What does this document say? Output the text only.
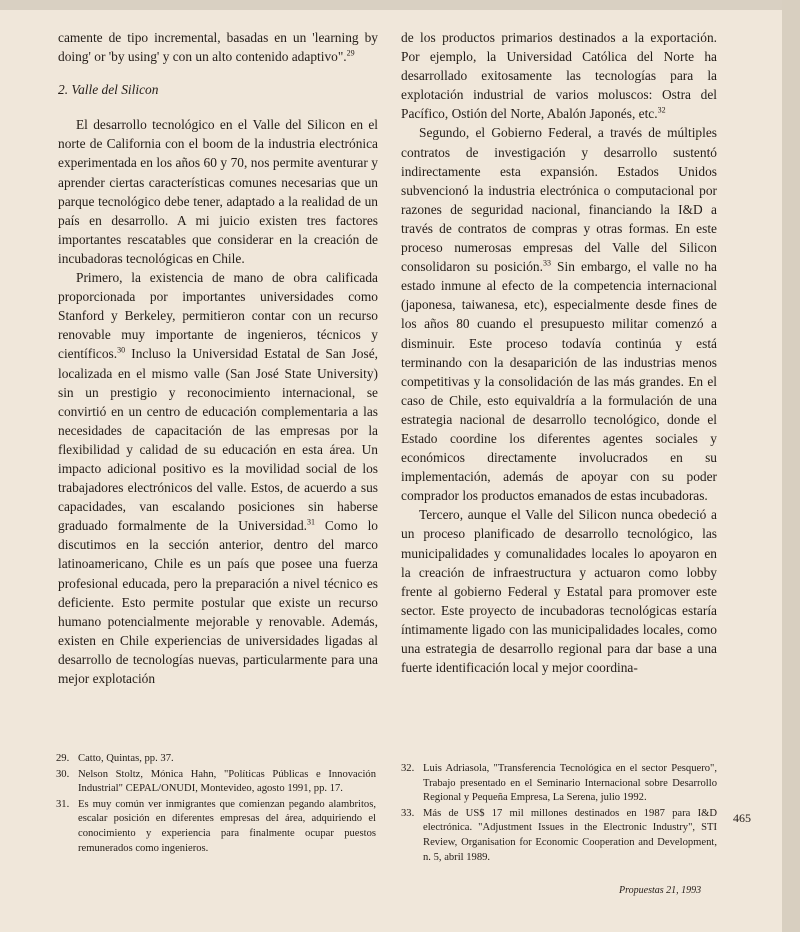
camente de tipo incremental, basadas en un 'learning by doing' or 'by using' y con un alto contenido adaptivo".$^{29}$

2. Valle del Silicon

El desarrollo tecnológico en el Valle del Silicon en el norte de California con el boom de la industria electrónica experimentada en los años 60 y 70, nos permite aventurar y aprender ciertas características comunes necesarias que un parque tecnológico debe tener, adaptado a la realidad de un país en desarrollo. A mi juicio existen tres factores importantes rescatables que considerar en la creación de incubadoras tecnológicas en Chile.

Primero, la existencia de mano de obra calificada proporcionada por importantes universidades como Stanford y Berkeley, permitieron contar con un recurso renovable muy importante de ingenieros, técnicos y científicos.$^{30}$ Incluso la Universidad Estatal de San José, localizada en el mismo valle (San José State University) sin un prestigio y reconocimiento internacional, se convirtió en un centro de educación complementaria a las necesidades de capacitación de las empresas por la flexibilidad y calidad de su educación en esta área. Un impacto adicional positivo es la movilidad social de los trabajadores electrónicos del valle. Estos, de acuerdo a sus capacidades, van escalando posiciones sin haberse graduado formalmente de la Universidad.$^{31}$ Como lo discutimos en la sección anterior, dentro del marco latinoamericano, Chile es un país que posee una fuerza profesional educada, pero la preparación a nivel técnico es deficiente. Esto permite postular que existe un recurso humano potencialmente mejorable y renovable. Además, existen en Chile experiencias de universidades ligadas al desarrollo de tecnologías nuevas, particularmente para una mejor explotación

de los productos primarios destinados a la exportación. Por ejemplo, la Universidad Católica del Norte ha desarrollado exitosamente las tecnologías para la explotación industrial de varios moluscos: Ostra del Pacífico, Ostión del Norte, Abalón Japonés, etc.$^{32}$

Segundo, el Gobierno Federal, a través de múltiples contratos de investigación y desarrollo sustentó indirectamente esta expansión. Estados Unidos subvencionó la industria electrónica o computacional por razones de seguridad nacional, financiando la I&D a través de contratos de compras y otras formas. En este proceso numerosas empresas del Valle del Silicon consolidaron su posición.$^{33}$ Sin embargo, el valle no ha estado inmune al efecto de la competencia internacional (japonesa, taiwanesa, etc), especialmente desde fines de los años 80 cuando el presupuesto militar comenzó a disminuir. Este proceso todavía continúa y está terminando con la desaparición de las industrias menos competitivas y la consolidación de las más grandes. En el caso de Chile, esto equivaldría a la formulación de una estrategia nacional de desarrollo tecnológico, donde el Estado coordine los diferentes agentes sociales y económicos directamente involucrados en su implementación, además de apoyar con su poder comprador los productos emanados de estas incubadoras.

Tercero, aunque el Valle del Silicon nunca obedeció a un proceso planificado de desarrollo tecnológico, las municipalidades y comunalidades locales lo apoyaron en la creación de infraestructura y actuaron como lobby frente al gobierno Federal y Estatal para promover este sector. Este proyecto de incubadoras tecnológicas estaría íntimamente ligado con las municipalidades locales, como una estrategia de desarrollo regional para dar base a una fuerte identificación local y mejor coordina-

29. Catto, Quintas, pp. 37.
30. Nelson Stoltz, Mónica Hahn, "Políticas Públicas e Innovación Industrial" CEPAL/ONUDI, Montevideo, agosto 1991, pp. 17.
31. Es muy común ver inmigrantes que comienzan pegando alambritos, escalar posición en diferentes empresas del área, adquiriendo el conocimiento y experiencia para finalmente ocupar puestos remunerados como ingenieros.
32. Luis Adriasola, "Transferencia Tecnológica en el sector Pesquero", Trabajo presentado en el Seminario Internacional sobre Desarrollo Regional y Pequeña Empresa, La Serena, julio 1992.
33. Más de US$ 17 mil millones destinados en 1987 para I&D electrónica. "Adjustment Issues in the Electronic Industry", STI Review, Organisation for Economic Cooperation and Development, n. 5, abril 1989.
465
Propuestas 21, 1993
